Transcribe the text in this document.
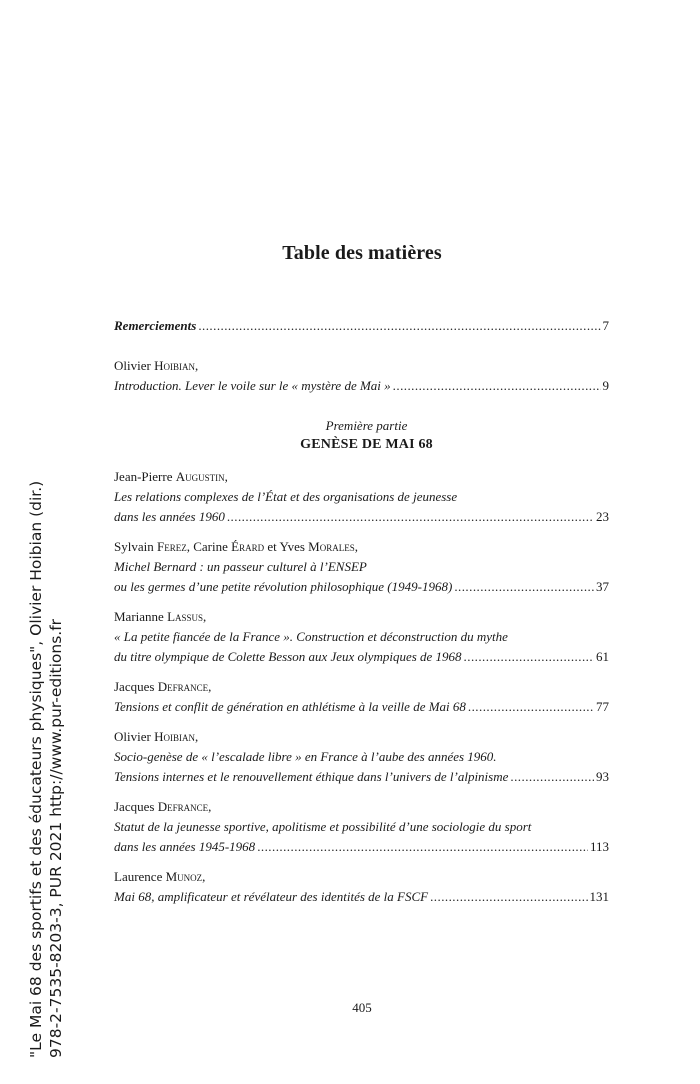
Table des matières
Remerciements . . .	7
Olivier Hoibian,
Introduction. Lever le voile sur le « mystère de Mai » . . .	9
Première partie
GENÈSE DE MAI 68
Jean-Pierre Augustin,
Les relations complexes de l’État et des organisations de jeunesse
dans les années 1960 . . .	23
Sylvain Ferez, Carine Érard et Yves Morales,
Michel Bernard : un passeur culturel à l’ENSEP
ou les germes d’une petite révolution philosophique (1949-1968) . . .	37
Marianne Lassus,
« La petite fiancée de la France ». Construction et déconstruction du mythe
du titre olympique de Colette Besson aux Jeux olympiques de 1968 . . .	61
Jacques Defrance,
Tensions et conflit de génération en athlétisme à la veille de Mai 68 . . .	77
Olivier Hoibian,
Socio-genèse de « l’escalade libre » en France à l’aube des années 1960.
Tensions internes et le renouvellement éthique dans l’univers de l’alpinisme . . .	93
Jacques Defrance,
Statut de la jeunesse sportive, apolitisme et possibilité d’une sociologie du sport
dans les années 1945-1968 . . .	113
Laurence Munoz,
Mai 68, amplificateur et révélateur des identités de la FSCF . . .	131
"Le Mai 68 des sportifs et des éducateurs physiques", Olivier Hoibian (dir.) 978-2-7535-8203-3, PUR 2021 http://www.pur-editions.fr	405
